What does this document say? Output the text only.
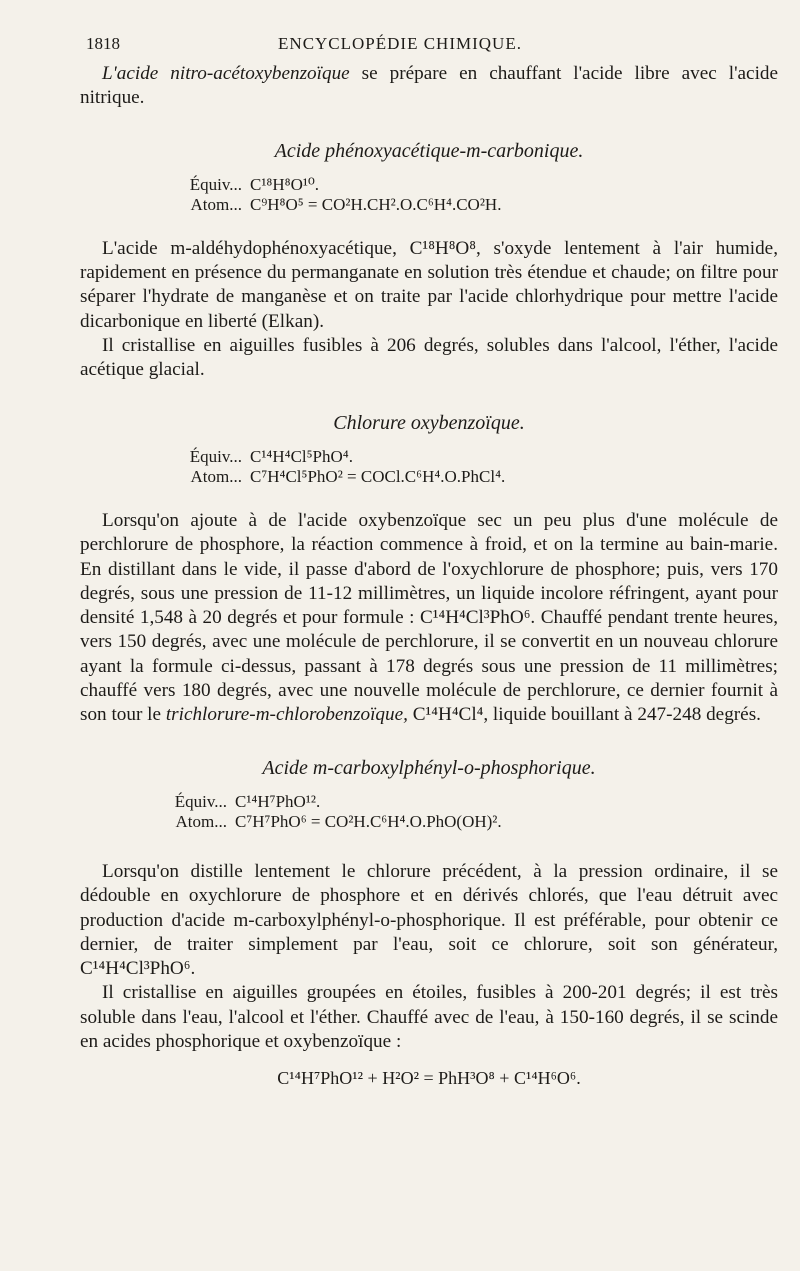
1818	ENCYCLOPÉDIE CHIMIQUE.

L'acide nitro-acétoxybenzoïque se prépare en chauffant l'acide libre avec l'acide nitrique.

Acide phénoxyacétique-m-carbonique.

Équiv... C¹⁸H⁸O¹⁰.
Atom... C⁹H⁸O⁵ = CO²H.CH².O.C⁶H⁴.CO²H.

L'acide m-aldéhydophénoxyacétique, C¹⁸H⁸O⁸, s'oxyde lentement à l'air humide, rapidement en présence du permanganate en solution très étendue et chaude; on filtre pour séparer l'hydrate de manganèse et on traite par l'acide chlorhydrique pour mettre l'acide dicarbonique en liberté (Elkan).

Il cristallise en aiguilles fusibles à 206 degrés, solubles dans l'alcool, l'éther, l'acide acétique glacial.

Chlorure oxybenzoïque.

Équiv... C¹⁴H⁴Cl⁵PhO⁴.
Atom... C⁷H⁴Cl⁵PhO² = COCl.C⁶H⁴.O.PhCl⁴.

Lorsqu'on ajoute à de l'acide oxybenzoïque sec un peu plus d'une molécule de perchlorure de phosphore, la réaction commence à froid, et on la termine au bain-marie. En distillant dans le vide, il passe d'abord de l'oxychlorure de phosphore; puis, vers 170 degrés, sous une pression de 11-12 millimètres, un liquide incolore réfringent, ayant pour densité 1,548 à 20 degrés et pour formule : C¹⁴H⁴Cl³PhO⁶. Chauffé pendant trente heures, vers 150 degrés, avec une molécule de perchlorure, il se convertit en un nouveau chlorure ayant la formule ci-dessus, passant à 178 degrés sous une pression de 11 millimètres; chauffé vers 180 degrés, avec une nouvelle molécule de perchlorure, ce dernier fournit à son tour le trichlorure-m-chlorobenzoïque, C¹⁴H⁴Cl⁴, liquide bouillant à 247-248 degrés.

Acide m-carboxylphényl-o-phosphorique.

Équiv... C¹⁴H⁷PhO¹².
Atom... C⁷H⁷PhO⁶ = CO²H.C⁶H⁴.O.PhO(OH)².

Lorsqu'on distille lentement le chlorure précédent, à la pression ordinaire, il se dédouble en oxychlorure de phosphore et en dérivés chlorés, que l'eau détruit avec production d'acide m-carboxylphényl-o-phosphorique. Il est préférable, pour obtenir ce dernier, de traiter simplement par l'eau, soit ce chlorure, soit son générateur, C¹⁴H⁴Cl³PhO⁶.

Il cristallise en aiguilles groupées en étoiles, fusibles à 200-201 degrés; il est très soluble dans l'eau, l'alcool et l'éther. Chauffé avec de l'eau, à 150-160 degrés, il se scinde en acides phosphorique et oxybenzoïque :

C¹⁴H⁷PhO¹² + H²O² = PhH³O⁸ + C¹⁴H⁶O⁶.
